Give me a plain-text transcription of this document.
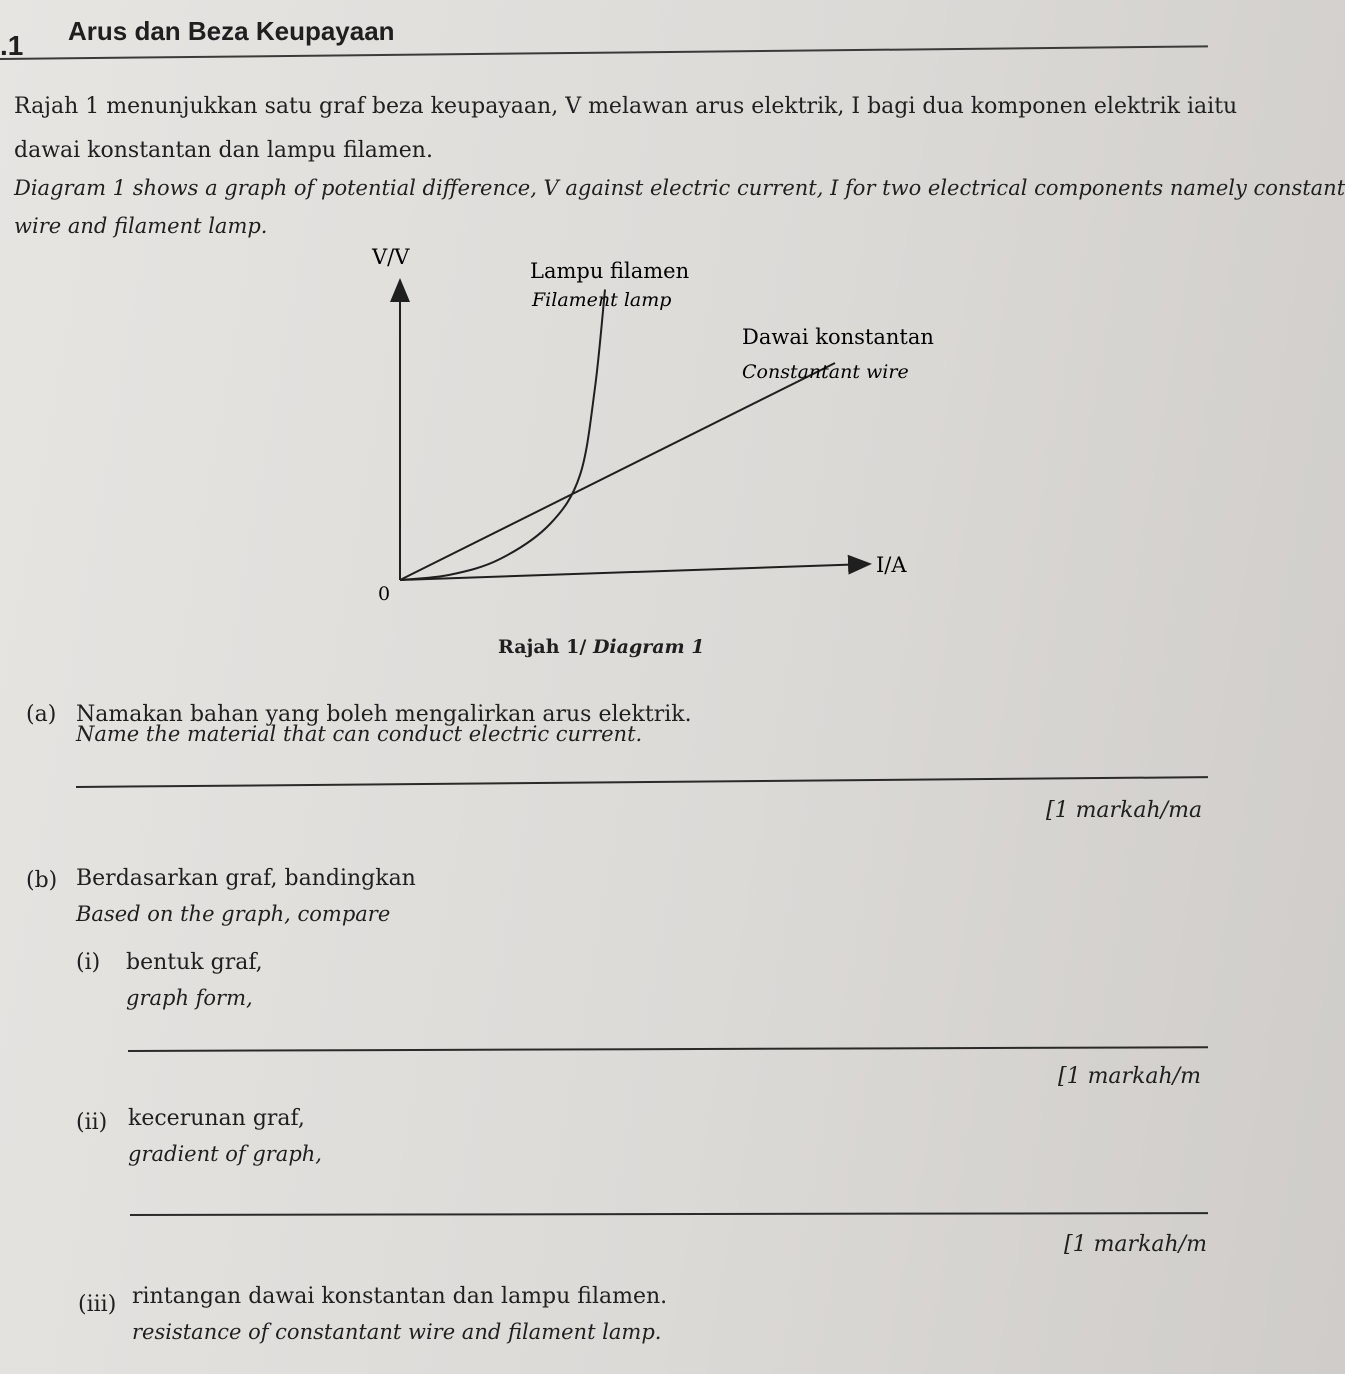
.1 Arus dan Beza Keupayaan
Rajah 1 menunjukkan satu graf beza keupayaan, V melawan arus elektrik, I bagi dua komponen elektrik iaitu
dawai konstantan dan lampu filamen.
Diagram 1 shows a graph of potential difference, V against electric current, I for two electrical components namely constant
wire and filament lamp.
V/V
I/A
0
Lampu filamen
Filament lamp
Dawai konstantan
Constantant wire
Rajah 1/ Diagram 1
(a) Namakan bahan yang boleh mengalirkan arus elektrik.
Name the material that can conduct electric current.
[1 markah/ma
(b) Berdasarkan graf, bandingkan
Based on the graph, compare
(i) bentuk graf,
graph form,
[1 markah/m
(ii) kecerunan graf,
gradient of graph,
[1 markah/m
(iii) rintangan dawai konstantan dan lampu filamen.
resistance of constantant wire and filament lamp.
